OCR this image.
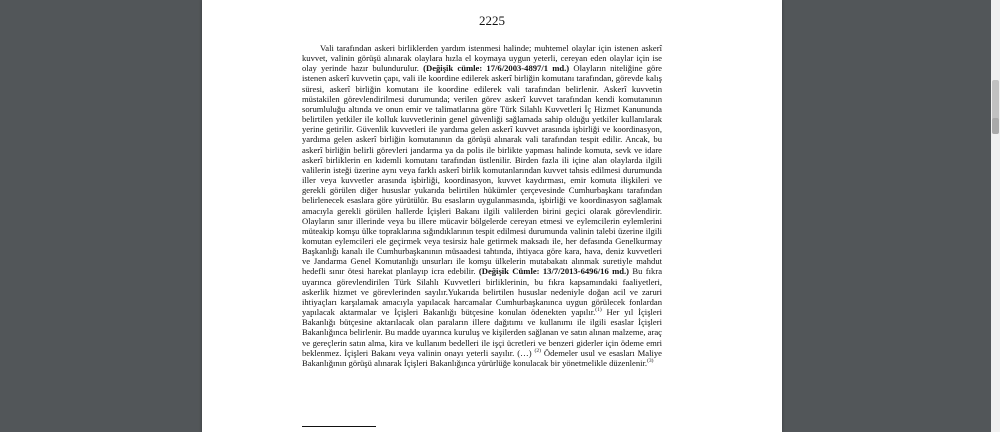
2225

Vali tarafından askeri birliklerden yardım istenmesi halinde; muhtemel olaylar için istenen askerî kuvvet, valinin görüşü alınarak olaylara hızla el koymaya uygun yeterli, cereyan eden olaylar için ise olay yerinde hazır bulundurulur. (Değişik cümle: 17/6/2003-4897/1 md.) Olayların niteliğine göre istenen askerî kuvvetin çapı, vali ile koordine edilerek askerî birliğin komutanı tarafından, görevde kalış süresi, askerî birliğin komutanı ile koordine edilerek vali tarafından belirlenir. Askerî kuvvetin müstakilen görevlendirilmesi durumunda; verilen görev askerî kuvvet tarafından kendi komutanının sorumluluğu altında ve onun emir ve talimatlarına göre Türk Silahlı Kuvvetleri İç Hizmet Kanununda belirtilen yetkiler ile kolluk kuvvetlerinin genel güvenliği sağlamada sahip olduğu yetkiler kullanılarak yerine getirilir. Güvenlik kuvvetleri ile yardıma gelen askerî kuvvet arasında işbirliği ve koordinasyon, yardıma gelen askerî birliğin komutanının da görüşü alınarak vali tarafından tespit edilir. Ancak, bu askerî birliğin belirli görevleri jandarma ya da polis ile birlikte yapması halinde komuta, sevk ve idare askerî birliklerin en kıdemli komutanı tarafından üstlenilir. Birden fazla ili içine alan olaylarda ilgili valilerin isteği üzerine aynı veya farklı askerî birlik komutanlarından kuvvet tahsis edilmesi durumunda iller veya kuvvetler arasında işbirliği, koordinasyon, kuvvet kaydırması, emir komuta ilişkileri ve gerekli görülen diğer hususlar yukarıda belirtilen hükümler çerçevesinde Cumhurbaşkanı tarafından belirlenecek esaslara göre yürütülür. Bu esasların uygulanmasında, işbirliği ve koordinasyon sağlamak amacıyla gerekli görülen hallerde İçişleri Bakanı ilgili valilerden birini geçici olarak görevlendirir. Olayların sınır illerinde veya bu illere mücavir bölgelerde cereyan etmesi ve eylemcilerin eylemlerini müteakip komşu ülke topraklarına sığındıklarının tespit edilmesi durumunda valinin talebi üzerine ilgili komutan eylemcileri ele geçirmek veya tesirsiz hale getirmek maksadı ile, her defasında Genelkurmay Başkanlığı kanalı ile Cumhurbaşkanının müsaadesi tahtında, ihtiyaca göre kara, hava, deniz kuvvetleri ve Jandarma Genel Komutanlığı unsurları ile komşu ülkelerin mutabakatı alınmak suretiyle mahdut hedefli sınır ötesi harekat planlayıp icra edebilir. (Değişik Cümle: 13/7/2013-6496/16 md.) Bu fıkra uyarınca görevlendirilen Türk Silahlı Kuvvetleri birliklerinin, bu fıkra kapsamındaki faaliyetleri, askerlik hizmet ve görevlerinden sayılır.Yukarıda belirtilen hususlar nedeniyle doğan acil ve zaruri ihtiyaçları karşılamak amacıyla yapılacak harcamalar Cumhurbaşkanınca uygun görülecek fonlardan yapılacak aktarmalar ve İçişleri Bakanlığı bütçesine konulan ödenekten yapılır.$^{(1)}$ Her yıl İçişleri Bakanlığı bütçesine aktarılacak olan paraların illere dağıtımı ve kullanımı ile ilgili esaslar İçişleri Bakanlığınca belirlenir. Bu madde uyarınca kuruluş ve kişilerden sağlanan ve satın alınan malzeme, araç ve gereçlerin satın alma, kira ve kullanım bedelleri ile işçi ücretleri ve benzeri giderler için ödeme emri beklenmez. İçişleri Bakanı veya valinin onayı yeterli sayılır. (…) $^{(2)}$ Ödemeler usul ve esasları Maliye Bakanlığının görüşü alınarak İçişleri Bakanlığınca yürürlüğe konulacak bir yönetmelikle düzenlenir.$^{(3)}$
